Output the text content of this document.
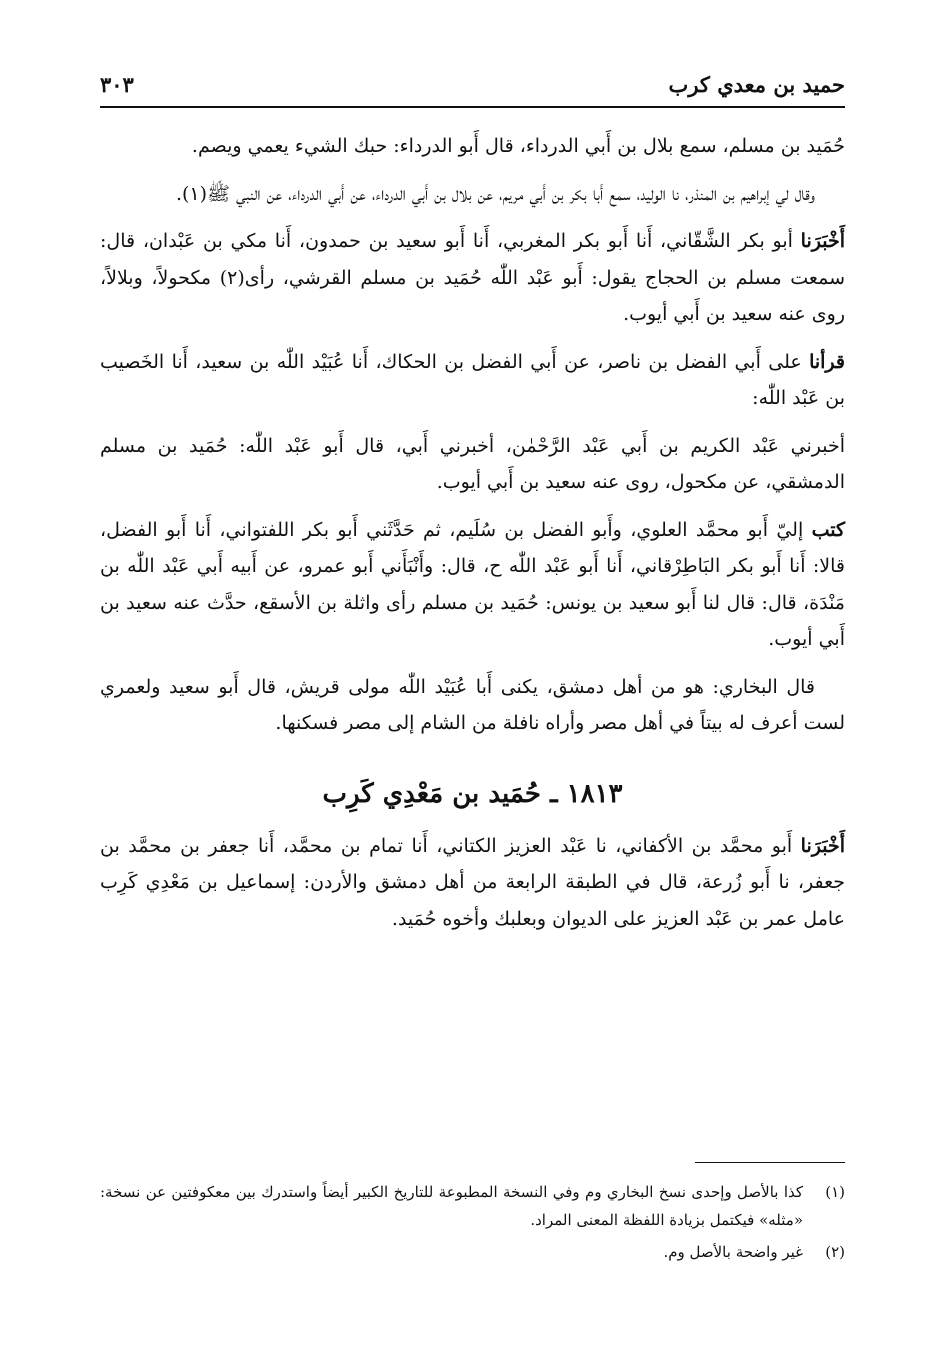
حميد بن معدي كرب
٣٠٣

حُمَيد بن مسلم، سمع بلال بن أَبي الدرداء، قال أَبو الدرداء: حبك الشيء يعمي ويصم.

وقال لي إبراهيم بن المنذر، نا الوليد، سمع أَبا بكر بن أَبي مريم، عن بلال بن أَبي الدرداء، عن أَبي الدرداء، عن النبي ﷺ(١).

أَخْبَرَنا أبو بكر الشَّقّاني، أَنا أَبو بكر المغربي، أَنا أَبو سعيد بن حمدون، أَنا مكي بن عَبْدان، قال: سمعت مسلم بن الحجاج يقول: أَبو عَبْد اللّٰه حُمَيد بن مسلم القرشي، رأى(٢) مكحولاً، وبلالاً، روى عنه سعيد بن أَبي أيوب.

قرأنا على أَبي الفضل بن ناصر، عن أَبي الفضل بن الحكاك، أَنا عُبَيْد اللّٰه بن سعيد، أَنا الخَصيب بن عَبْد اللّٰه:

أخبرني عَبْد الكريم بن أَبي عَبْد الرَّحْمٰن، أخبرني أَبي، قال أَبو عَبْد اللّٰه: حُمَيد بن مسلم الدمشقي، عن مكحول، روى عنه سعيد بن أَبي أيوب.

كتب إليّ أَبو محمَّد العلوي، وأَبو الفضل بن سُلَيم، ثم حَدَّثَني أَبو بكر اللفتواني، أَنا أَبو الفضل، قالا: أَنا أَبو بكر البَاطِرْقاني، أَنا أَبو عَبْد اللّٰه ح، قال: وأَنْبَأَني أَبو عمرو، عن أَبيه أَبي عَبْد اللّٰه بن مَنْدَة، قال: قال لنا أَبو سعيد بن يونس: حُمَيد بن مسلم رأى واثلة بن الأسقع، حدَّث عنه سعيد بن أَبي أيوب.

قال البخاري: هو من أهل دمشق، يكنى أَبا عُبَيْد اللّٰه مولى قريش، قال أَبو سعيد ولعمري لست أعرف له بيتاً في أهل مصر وأراه نافلة من الشام إلى مصر فسكنها.

١٨١٣ ـ حُمَيد بن مَعْدِي كَرِب

أَخْبَرَنا أَبو محمَّد بن الأكفاني، نا عَبْد العزيز الكتاني، أَنا تمام بن محمَّد، أَنا جعفر بن محمَّد بن جعفر، نا أَبو زُرعة، قال في الطبقة الرابعة من أهل دمشق والأردن: إسماعيل بن مَعْدِي كَرِب عامل عمر بن عَبْد العزيز على الديوان وبعلبك وأخوه حُمَيد.

(١)
كذا بالأصل وإحدى نسخ البخاري وم وفي النسخة المطبوعة للتاريخ الكبير أيضاً واستدرك بين معكوفتين عن نسخة: «مثله» فيكتمل بزيادة اللفظة المعنى المراد.
(٢)
غير واضحة بالأصل وم.
